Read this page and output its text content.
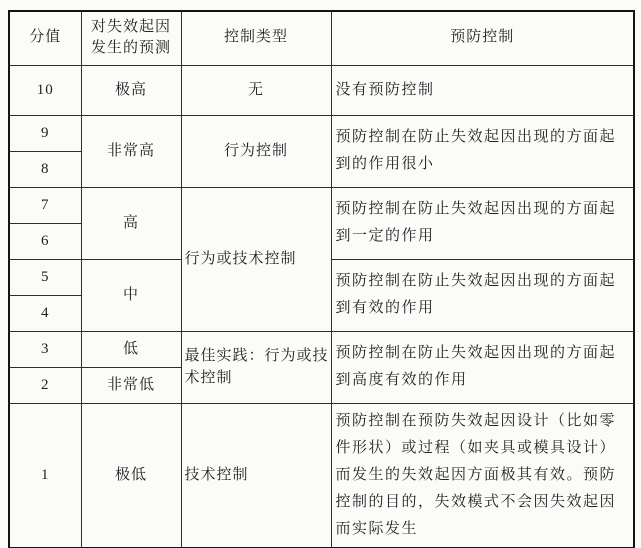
分值	对失效起因发生的预测	控制类型	预防控制
10	极高	无	没有预防控制
9	非常高	行为控制	预防控制在防止失效起因出现的方面起到的作用很小
8			
7	高	行为或技术控制	预防控制在防止失效起因出现的方面起到一定的作用
6			
5	中		预防控制在防止失效起因出现的方面起到有效的作用
4			
3	低	最佳实践：行为或技术控制	预防控制在防止失效起因出现的方面起到高度有效的作用
2	非常低		
1	极低	技术控制	预防控制在预防失效起因设计（比如零件形状）或过程（如夹具或模具设计）而发生的失效起因方面极其有效。预防控制的目的，失效模式不会因失效起因而实际发生
